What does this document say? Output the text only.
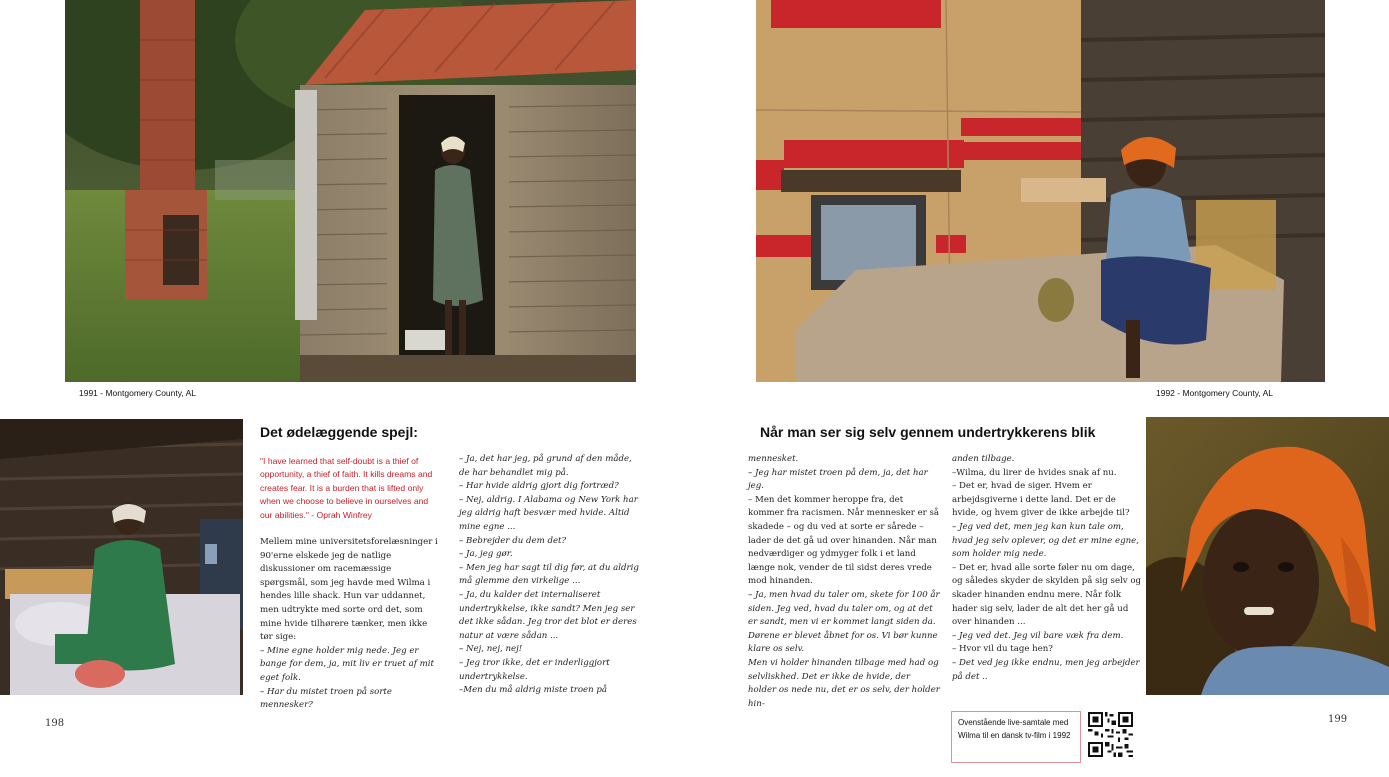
1991 - Montgomery County, AL
Det ødelæggende spejl:
"I have learned that self-doubt is a thief of opportunity, a thief of faith. It kills dreams and creates fear. It is a burden that is lifted only when we choose to believe in ourselves and our abilities." - Oprah Winfrey

Mellem mine universitetsforelæsninger i 90'erne elskede jeg de natlige diskussioner om racemæssige spørgsmål, som jeg havde med Wilma i hendes lille shack. Hun var uddannet, men udtrykte med sorte ord det, som mine hvide tilhørere tænker, men ikke tør sige:

– Mine egne holder mig nede. Jeg er bange for dem, ja, mit liv er truet af mit eget folk.

– Har du mistet troen på sorte mennesker?

– Ja, det har jeg, på grund af den måde, de har behandlet mig på.

– Har hvide aldrig gjort dig fortræd?

– Nej, aldrig. I Alabama og New York har jeg aldrig haft besvær med hvide. Altid mine egne ...

– Bebrejder du dem det?

– Ja, jeg gør.

– Men jeg har sagt til dig før, at du aldrig må glemme den virkelige ...

– Ja, du kalder det internaliseret undertrykkelse, ikke sandt? Men jeg ser det ikke sådan. Jeg tror det blot er deres natur at være sådan ...

– Nej, nej, nej!

– Jeg tror ikke, det er inderliggjort undertrykkelse.

–Men du må aldrig miste troen på

198
1992 - Montgomery County, AL
Når man ser sig selv gennem undertrykkerens blik

menneskеt.

– Jeg har mistet troen på dem, ja, det har jeg.

– Men det kommer heroppe fra, det kommer fra racismen. Når mennesker er så skadede – og du ved at sorte er sårede – lader de det gå ud over hinanden. Når man nedværdiger og ydmyger folk i et land længe nok, vender de til sidst deres vrede mod hinanden.

– Ja, men hvad du taler om, skete for 100 år siden. Jeg ved, hvad du taler om, og at det er sandt, men vi er kommet langt siden da.

Dørene er blevet åbnet for os. Vi bør kunne klare os selv.

Men vi holder hinanden tilbage med had og selvliskhed. Det er ikke de hvide, der holder os nede nu, det er os selv, der holder hin-

anden tilbage.

–Wilma, du lirer de hvides snak af nu.

– Det er, hvad de siger. Hvem er arbejdsgiverne i dette land. Det er de hvide, og hvem giver de ikke arbejde til?

– Jeg ved det, men jeg kan kun tale om, hvad jeg selv oplever, og det er mine egne, som holder mig nede.

– Det er, hvad alle sorte føler nu om dage, og således skyder de skylden på sig selv og skader hinanden endnu mere. Når folk hader sig selv, lader de alt det her gå ud over hinanden ...

– Jeg ved det. Jeg vil bare væk fra dem.

– Hvor vil du tage hen?

– Det ved jeg ikke endnu, men jeg arbejder på det ..

Ovenstående live-samtale med Wilma til en dansk tv-film i 1992
199
